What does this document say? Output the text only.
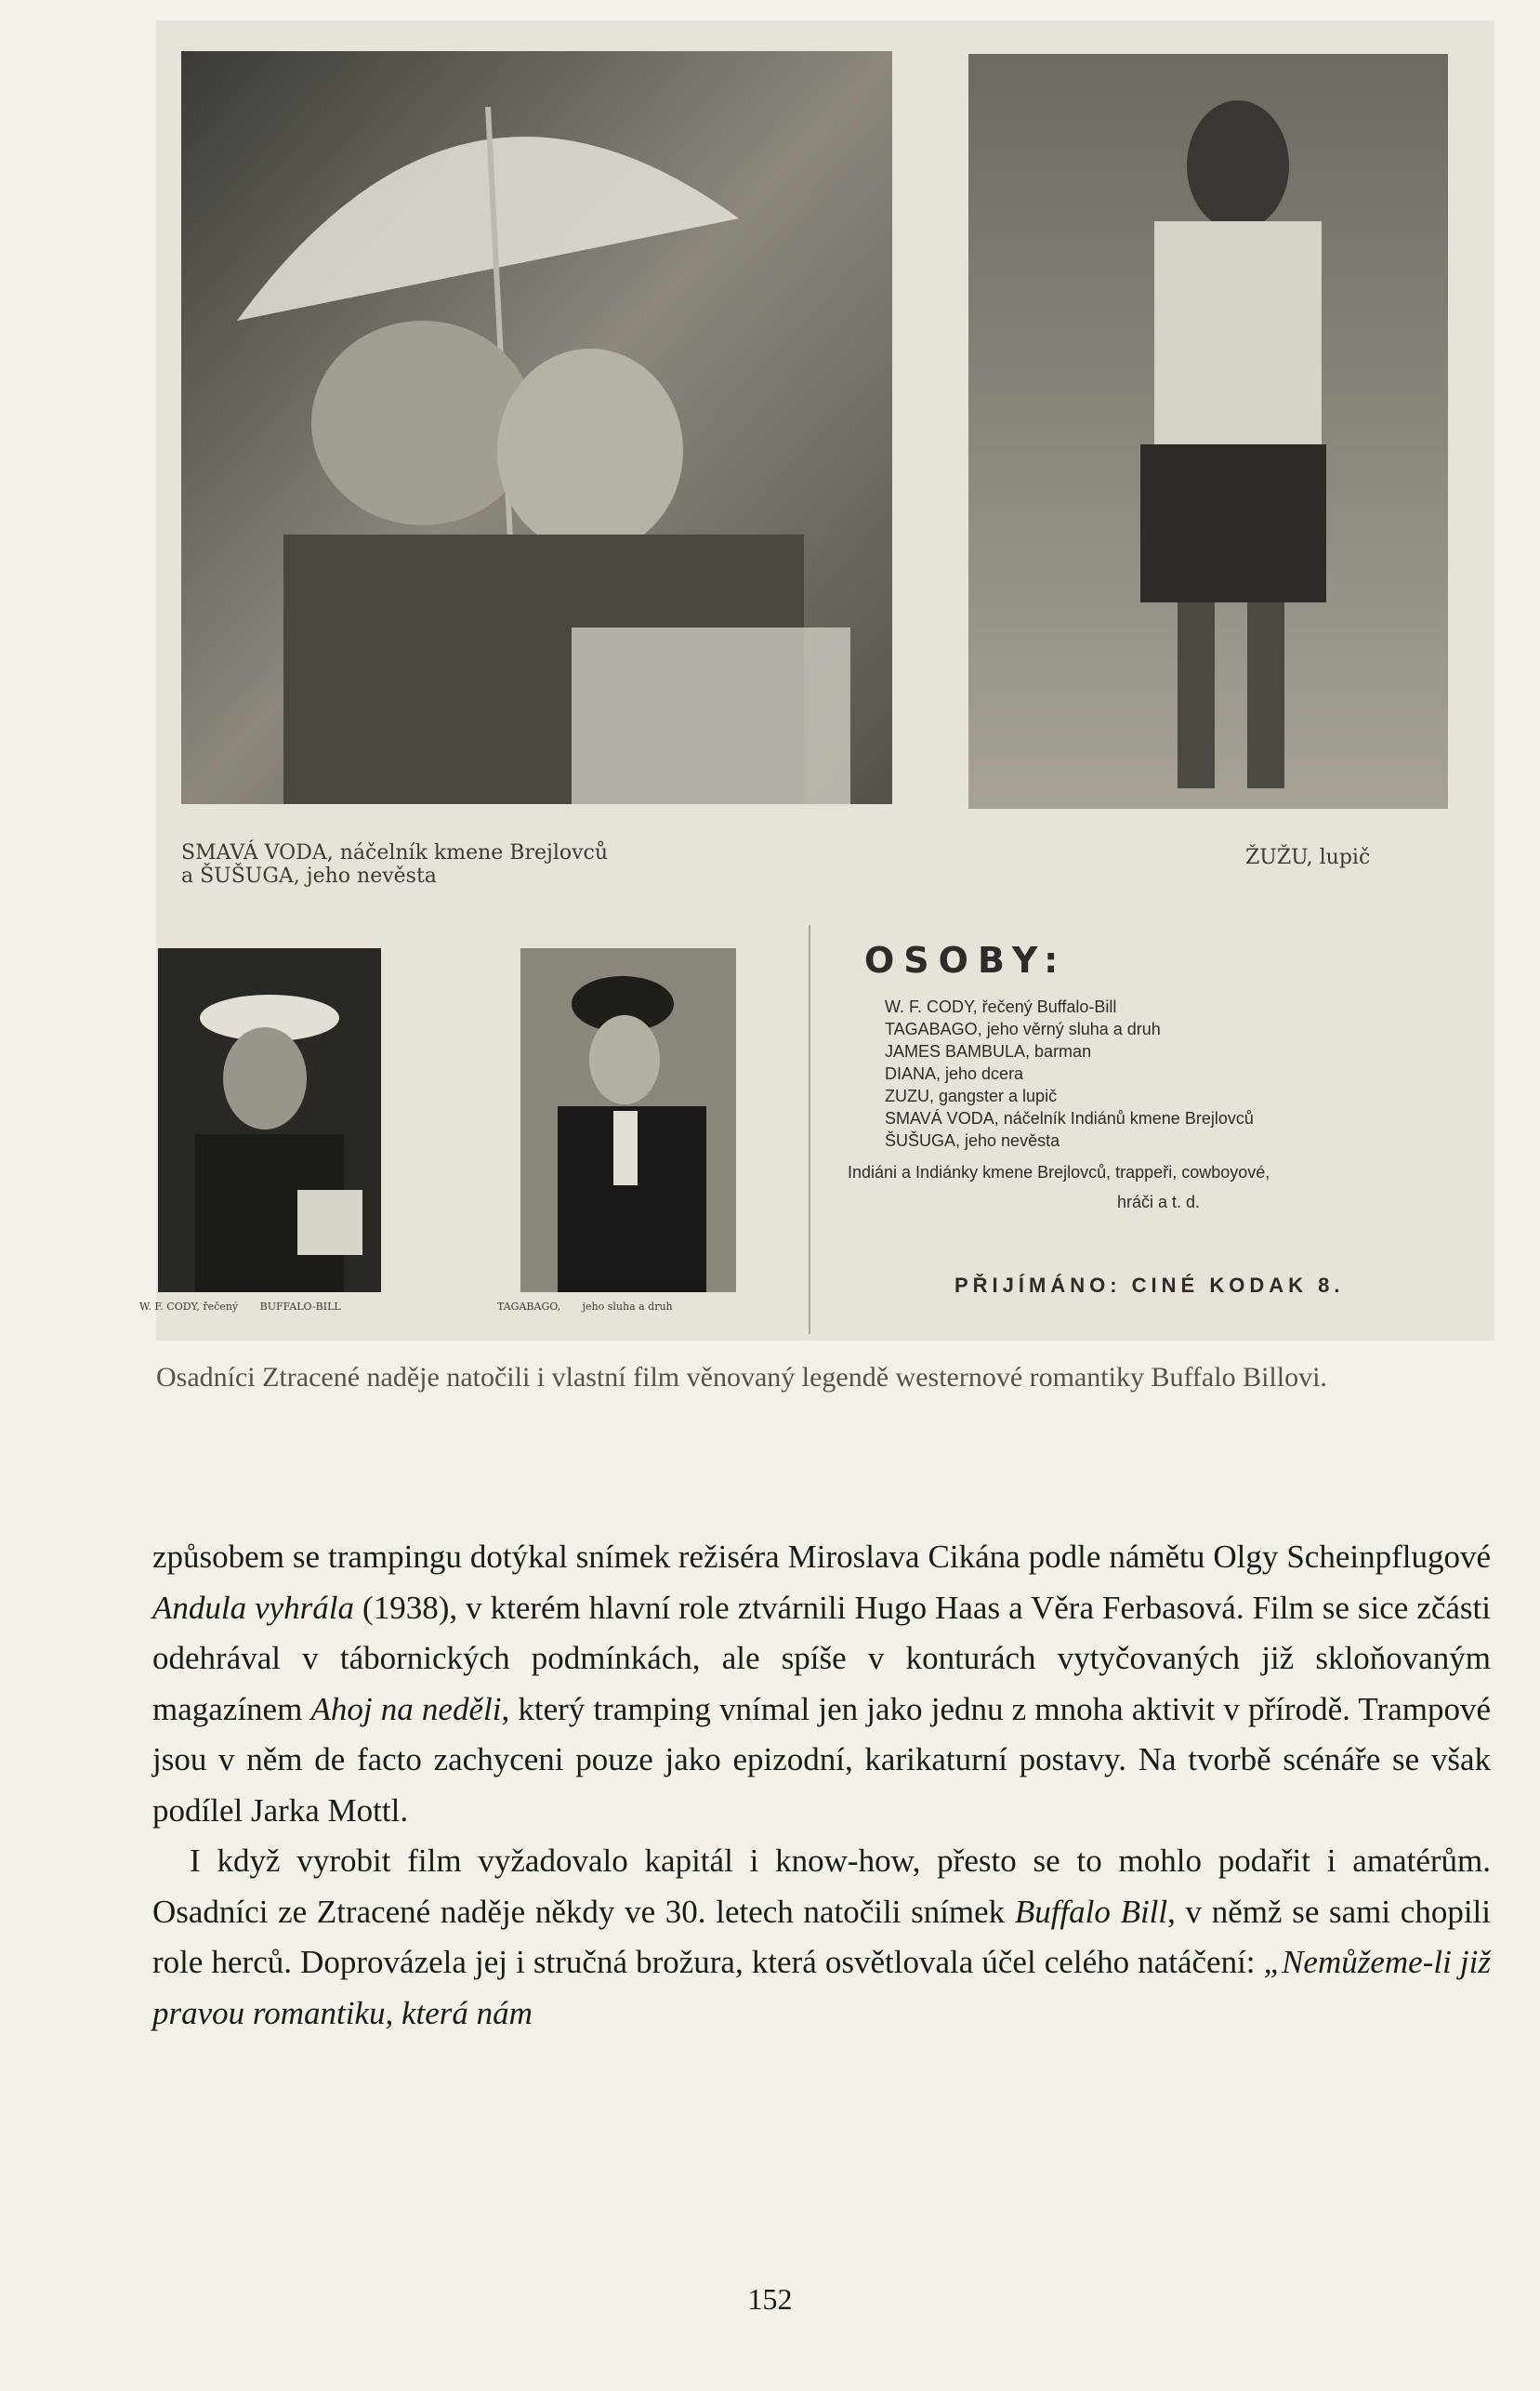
SMAVÁ VODA, náčelník kmene Brejlovců
a ŠUŠUGA, jeho nevěsta
ŽUŽU, lupič
W. F. CODY, řečený BUFFALO-BILL	TAGABAGO, jeho sluha a druh
OSOBY:
W. F. CODY, řečený Buffalo-Bill
TAGABAGO, jeho věrný sluha a druh
JAMES BAMBULA, barman
DIANA, jeho dcera
ZUZU, gangster a lupič
SMAVÁ VODA, náčelník Indiánů kmene Brejlovců
ŠUŠUGA, jeho nevěsta
Indiáni a Indiánky kmene Brejlovců, trappeři, cowboyové,
hráči a t. d.
PŘIJÍMÁNO: CINÉ KODAK 8.
Osadníci Ztracené naděje natočili i vlastní film věnovaný legendě westernové romantiky Buffalo Billovi.

způsobem se trampingu dotýkal snímek režiséra Miroslava Cikána podle námětu Olgy Scheinpflugové Andula vyhrála (1938), v kterém hlavní role ztvárnili Hugo Haas a Věra Ferbasová. Film se sice zčásti odehrával v tábornických podmínkách, ale spíše v konturách vytyčovaných již skloňovaným magazínem Ahoj na neděli, který tramping vnímal jen jako jednu z mnoha aktivit v přírodě. Trampové jsou v něm de facto zachyceni pouze jako epizodní, karikaturní postavy. Na tvorbě scénáře se však podílel Jarka Mottl.

I když vyrobit film vyžadovalo kapitál i know-how, přesto se to mohlo podařit i amatérům. Osadníci ze Ztracené naděje někdy ve 30. letech natočili snímek Buffalo Bill, v němž se sami chopili role herců. Doprovázela jej i stručná brožura, která osvětlovala účel celého natáčení: „Nemůžeme-li již pravou romantiku, která nám

152
